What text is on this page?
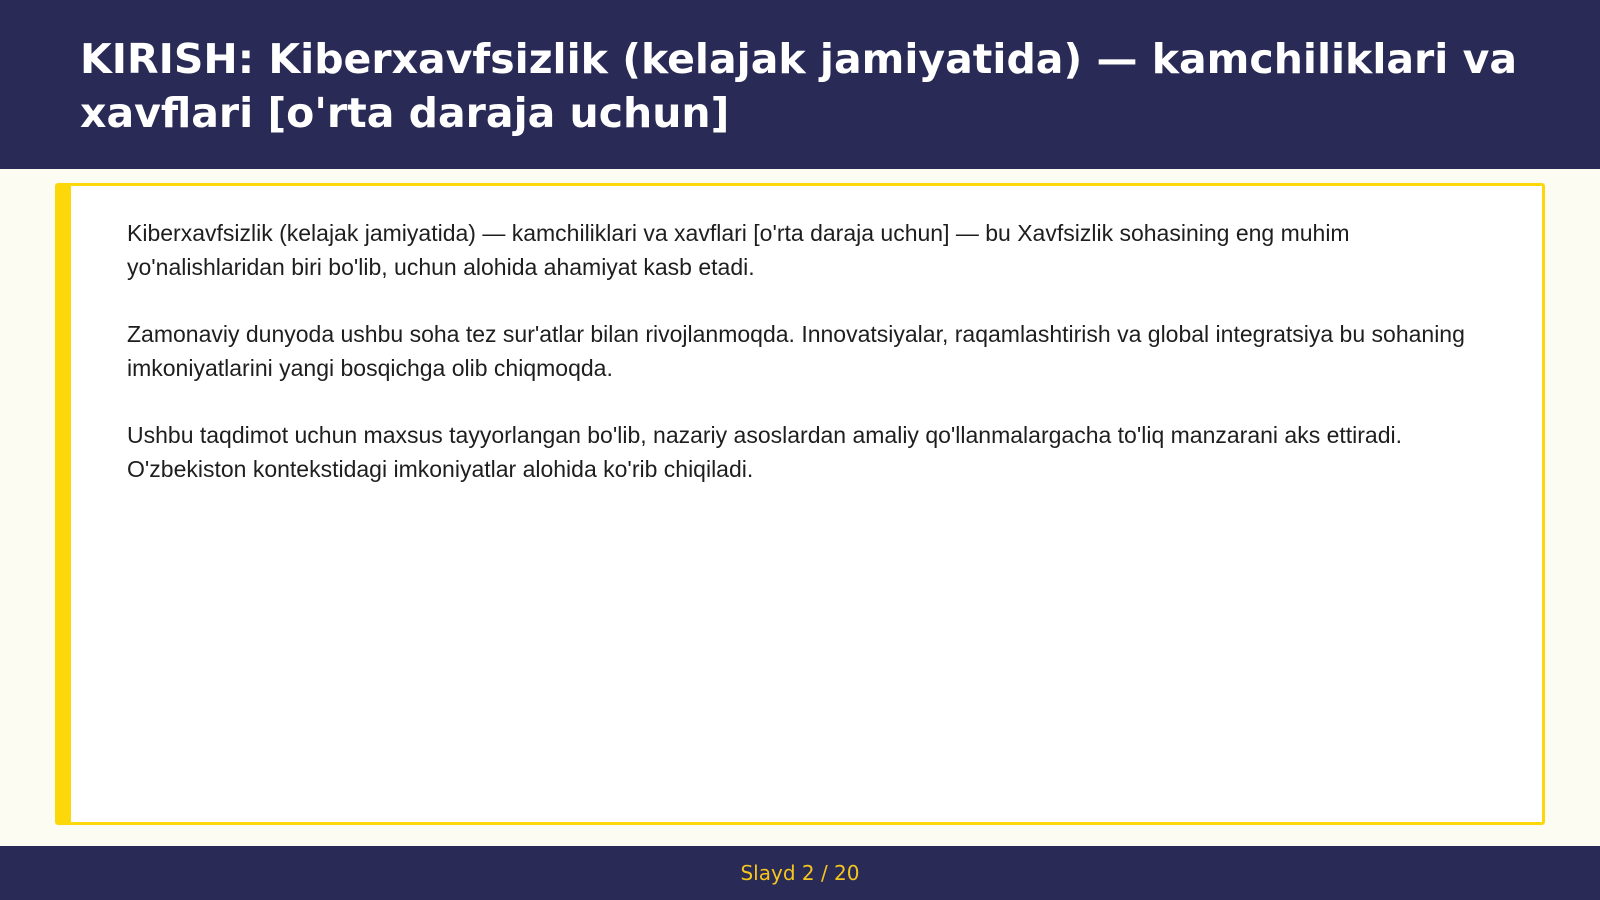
KIRISH: Kiberxavfsizlik (kelajak jamiyatida) — kamchiliklari va xavflari [o'rta daraja uchun]

Kiberxavfsizlik (kelajak jamiyatida) — kamchiliklari va xavflari [o'rta daraja uchun] — bu Xavfsizlik sohasining eng muhim yo'nalishlaridan biri bo'lib, uchun alohida ahamiyat kasb etadi.

Zamonaviy dunyoda ushbu soha tez sur'atlar bilan rivojlanmoqda. Innovatsiyalar, raqamlashtirish va global integratsiya bu sohaning imkoniyatlarini yangi bosqichga olib chiqmoqda.

Ushbu taqdimot uchun maxsus tayyorlangan bo'lib, nazariy asoslardan amaliy qo'llanmalargacha to'liq manzarani aks ettiradi. O'zbekiston kontekstidagi imkoniyatlar alohida ko'rib chiqiladi.

Slayd 2 / 20
